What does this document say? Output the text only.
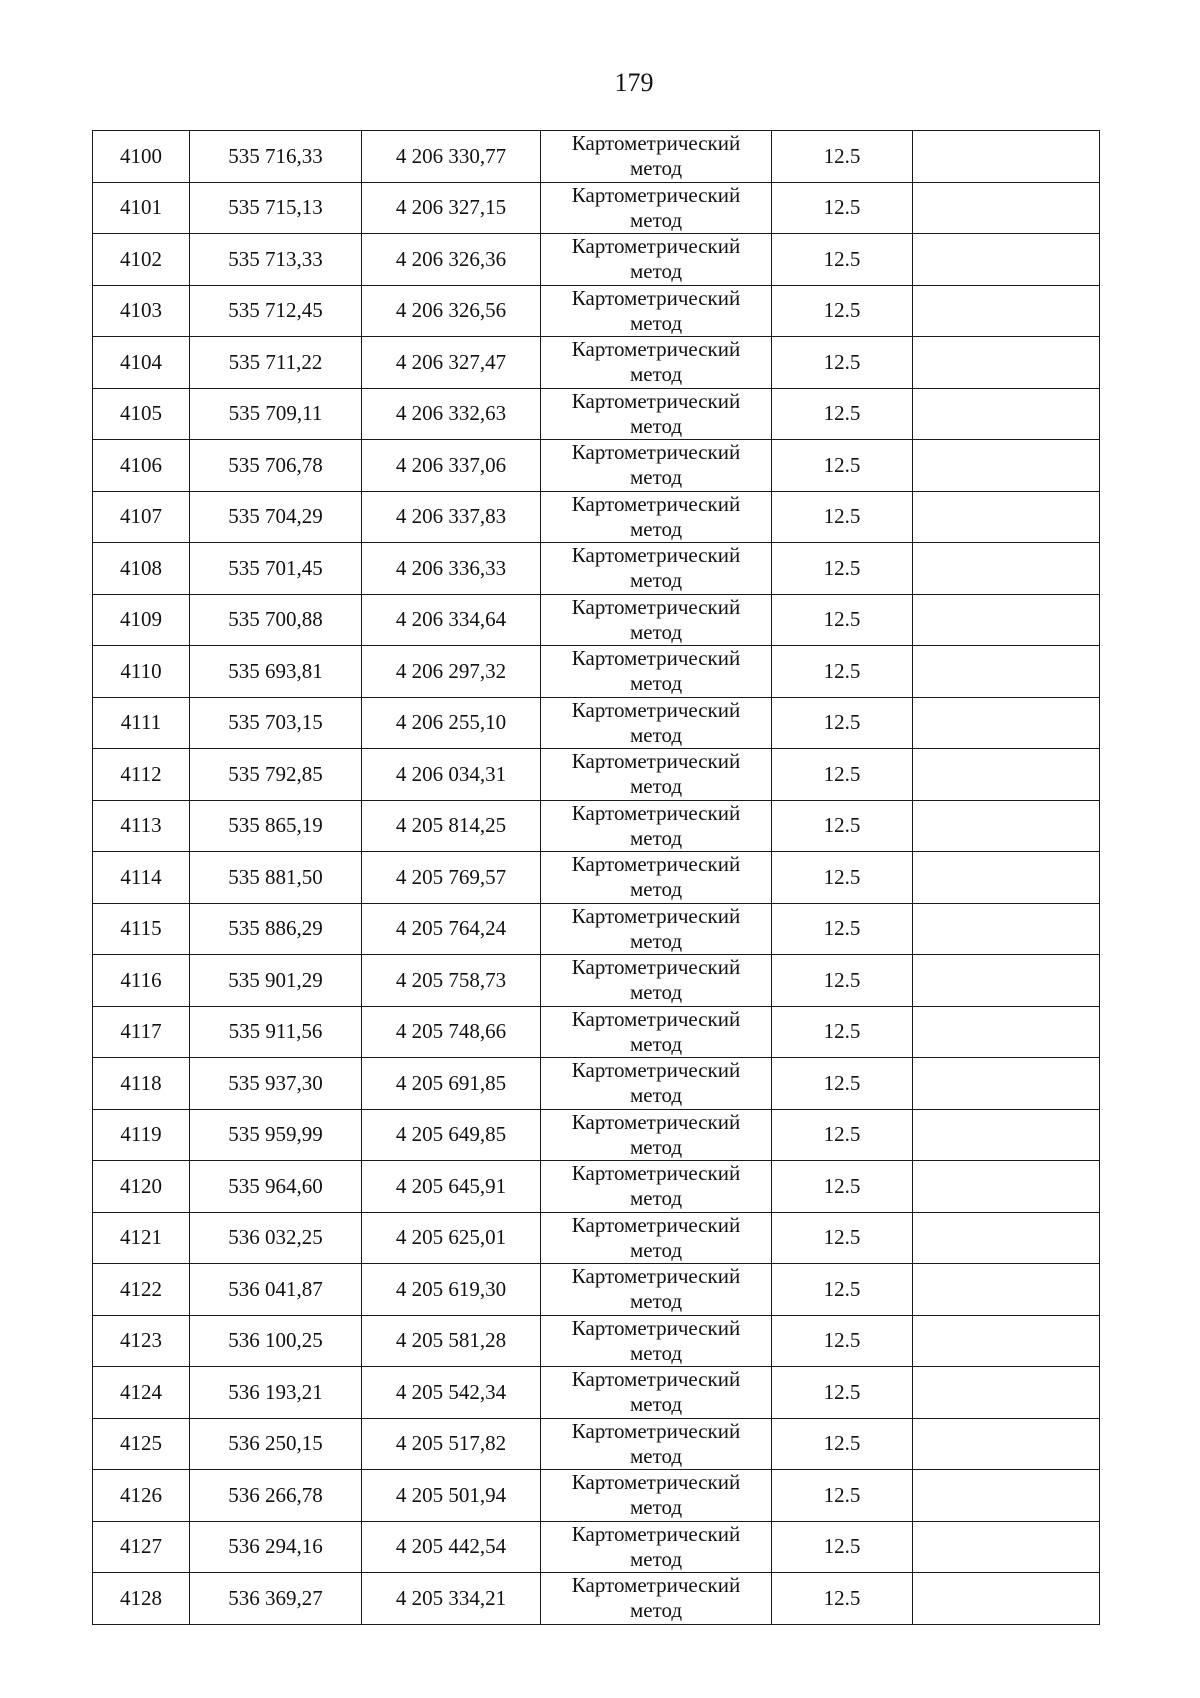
179
4100	535 716,33	4 206 330,77	Картометрический
метод	12.5	
4101	535 715,13	4 206 327,15	Картометрический
метод	12.5	
4102	535 713,33	4 206 326,36	Картометрический
метод	12.5	
4103	535 712,45	4 206 326,56	Картометрический
метод	12.5	
4104	535 711,22	4 206 327,47	Картометрический
метод	12.5	
4105	535 709,11	4 206 332,63	Картометрический
метод	12.5	
4106	535 706,78	4 206 337,06	Картометрический
метод	12.5	
4107	535 704,29	4 206 337,83	Картометрический
метод	12.5	
4108	535 701,45	4 206 336,33	Картометрический
метод	12.5	
4109	535 700,88	4 206 334,64	Картометрический
метод	12.5	
4110	535 693,81	4 206 297,32	Картометрический
метод	12.5	
4111	535 703,15	4 206 255,10	Картометрический
метод	12.5	
4112	535 792,85	4 206 034,31	Картометрический
метод	12.5	
4113	535 865,19	4 205 814,25	Картометрический
метод	12.5	
4114	535 881,50	4 205 769,57	Картометрический
метод	12.5	
4115	535 886,29	4 205 764,24	Картометрический
метод	12.5	
4116	535 901,29	4 205 758,73	Картометрический
метод	12.5	
4117	535 911,56	4 205 748,66	Картометрический
метод	12.5	
4118	535 937,30	4 205 691,85	Картометрический
метод	12.5	
4119	535 959,99	4 205 649,85	Картометрический
метод	12.5	
4120	535 964,60	4 205 645,91	Картометрический
метод	12.5	
4121	536 032,25	4 205 625,01	Картометрический
метод	12.5	
4122	536 041,87	4 205 619,30	Картометрический
метод	12.5	
4123	536 100,25	4 205 581,28	Картометрический
метод	12.5	
4124	536 193,21	4 205 542,34	Картометрический
метод	12.5	
4125	536 250,15	4 205 517,82	Картометрический
метод	12.5	
4126	536 266,78	4 205 501,94	Картометрический
метод	12.5	
4127	536 294,16	4 205 442,54	Картометрический
метод	12.5	
4128	536 369,27	4 205 334,21	Картометрический
метод	12.5	
